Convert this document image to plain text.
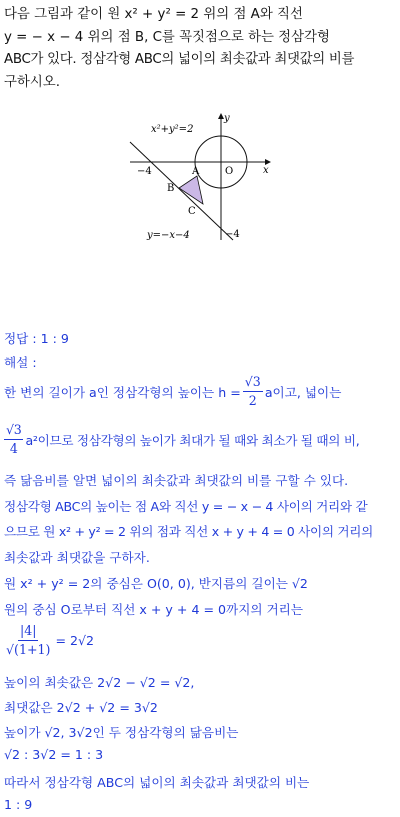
다음 그림과 같이 원 x² + y² = 2 위의 점 A와 직선

y = − x − 4 위의 점 B, C를 꼭짓점으로 하는 정삼각형

ABC가 있다. 정삼각형 ABC의 넓이의 최솟값과 최댓값의 비를

구하시오.

y
x
x²+y²=2
O
−4
−4
A
B
C
y=−x−4
정답 : 1 : 9
해설 :
한 변의 길이가 a인 정삼각형의 높이는 $h = \frac{√3}{2}$ a이고, 넓이는
$\frac{√3}{4} a^2$이므로 정삼각형의 높이가 최대가 될 때와 최소가 될 때의 비,
즉 닮음비를 알면 넓이의 최솟값과 최댓값의 비를 구할 수 있다.
정삼각형 ABC의 높이는 점 A와 직선 y = − x − 4 사이의 거리와 같
으므로 원 x² + y² = 2 위의 점과 직선 x + y + 4 = 0 사이의 거리의
최솟값과 최댓값을 구하자.
원 x² + y² = 2의 중심은 O(0, 0), 반지름의 길이는 √2
원의 중심 O로부터 직선 x + y + 4 = 0까지의 거리는
$\frac{|4|}{√(1+1)} = 2√2$
높이의 최솟값은 2√2 − √2 = √2,
최댓값은 2√2 + √2 = 3√2
높이가 √2, 3√2인 두 정삼각형의 닮음비는
√2 : 3√2 = 1 : 3
따라서 정삼각형 ABC의 넓이의 최솟값과 최댓값의 비는
1 : 9
